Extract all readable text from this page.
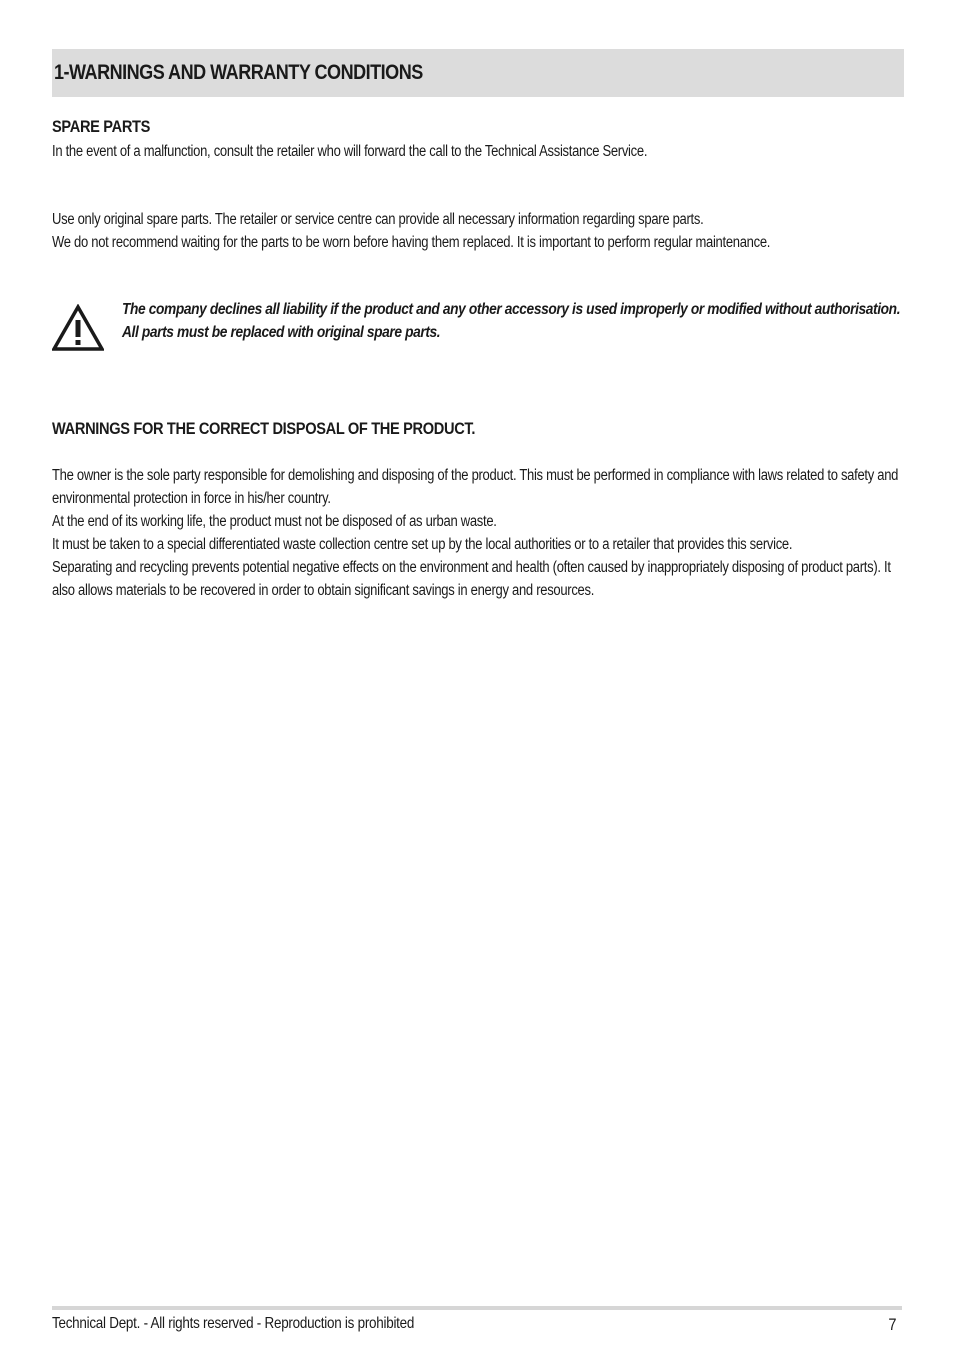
1-WARNINGS AND WARRANTY CONDITIONS
SPARE PARTS

In the event of a malfunction, consult the retailer who will forward the call to the Technical Assistance Service.

Use only original spare parts. The retailer or service centre can provide all necessary information regarding spare parts.

We do not recommend waiting for the parts to be worn before having them replaced. It is important to perform regular maintenance.

The company declines all liability if the product and any other accessory is used improperly or modified without authorisation.

All parts must be replaced with original spare parts.

WARNINGS FOR THE CORRECT DISPOSAL OF THE PRODUCT.

The owner is the sole party responsible for demolishing and disposing of the product. This must be performed in compliance with laws related to safety and environmental protection in force in his/her country.

At the end of its working life, the product must not be disposed of as urban waste.

It must be taken to a special differentiated waste collection centre set up by the local authorities or to a retailer that provides this service.

Separating and recycling prevents potential negative effects on the environment and health (often caused by inappropriately disposing of product parts). It also allows materials to be recovered in order to obtain significant savings in energy and resources.

Technical Dept. - All rights reserved - Reproduction is prohibited	7
